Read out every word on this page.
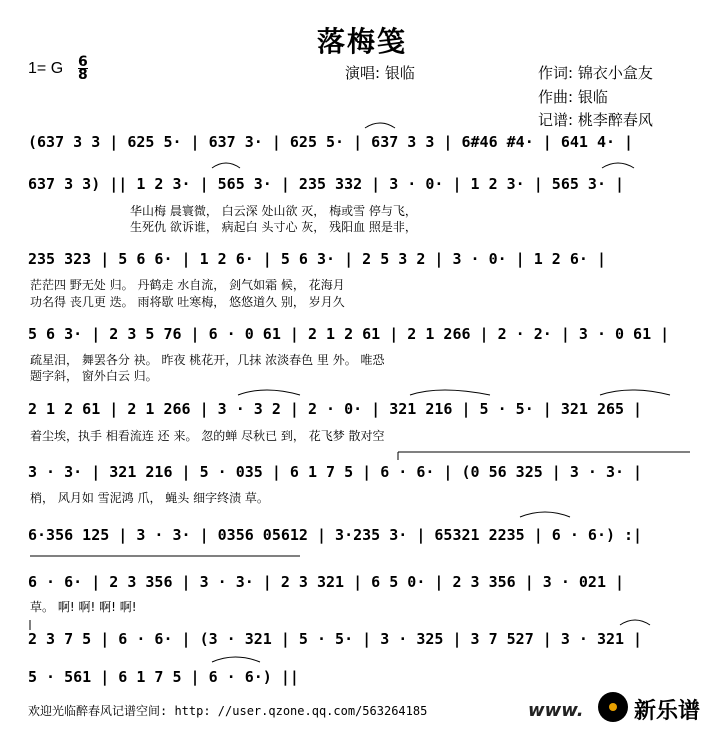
落梅笺
1= G $\frac{6}{8}$	演唱: 银临	作词: 锦衣小盒友
作曲: 银临
记谱: 桃李醉春风
(637 3 3 | 625 5· | 637 3· | 625 5· | 637 3 3 | 6#46 #4· | 641 4· |
637 3 3) || 1 2 3· | 565 3· | 235 332 | 3 · 0· | 1 2 3· | 565 3· |
华山梅 晨寰微， 白云深 处山欲 灭， 梅或雪 停与飞，
生死仇 欲诉谁， 病起白 头寸心 灰， 残阳血 照是非，
235 323 | 5 6 6· | 1 2 6· | 5 6 3· | 2 5 3 2 | 3 · 0· | 1 2 6· |
茫茫四 野无处 归。 丹鹤走 水自流， 剑气如霜 候， 花海月
功名得 丧几更 迭。 雨将歇 吐寒梅， 悠悠道久 别， 岁月久
5 6 3· | 2 3 5 76 | 6 · 0 61 | 2 1 2 61 | 2 1 266 | 2 · 2· | 3 · 0 61 |
疏星泪， 舞罢各分 袂。 昨夜 桃花开，几抹 浓淡春色 里 外。 唯恐
题字斜， 窗外白云 归。
2 1 2 61 | 2 1 266 | 3 · 3 2 | 2 · 0· | 321 216 | 5 · 5· | 321 265 |
着尘埃，执手 相看流连 还 来。 忽的蝉 尽秋已 到， 花飞梦 散对空
3 · 3· | 321 216 | 5 · 035 | 6 1 7 5 | 6 · 6· | (0 56 325 | 3 · 3· |
梢， 风月如 雪泥鸿 爪， 蝇头 细字终渍 草。
6·356 125 | 3 · 3· | 0356 05612 | 3·235 3· | 65321 2235 | 6 · 6·) :|
6 · 6· | 2 3 356 | 3 · 3· | 2 3 321 | 6 5 0· | 2 3 356 | 3 · 021 |
草。 啊! 啊! 啊! 啊!
2 3 7 5 | 6 · 6· | (3 · 321 | 5 · 5· | 3 · 325 | 3 7 527 | 3 · 321 |
5 · 561 | 6 1 7 5 | 6 · 6·) ||
欢迎光临醉春风记谱空间: http: //user.qzone.qq.com/563264185	www. 新乐谱
